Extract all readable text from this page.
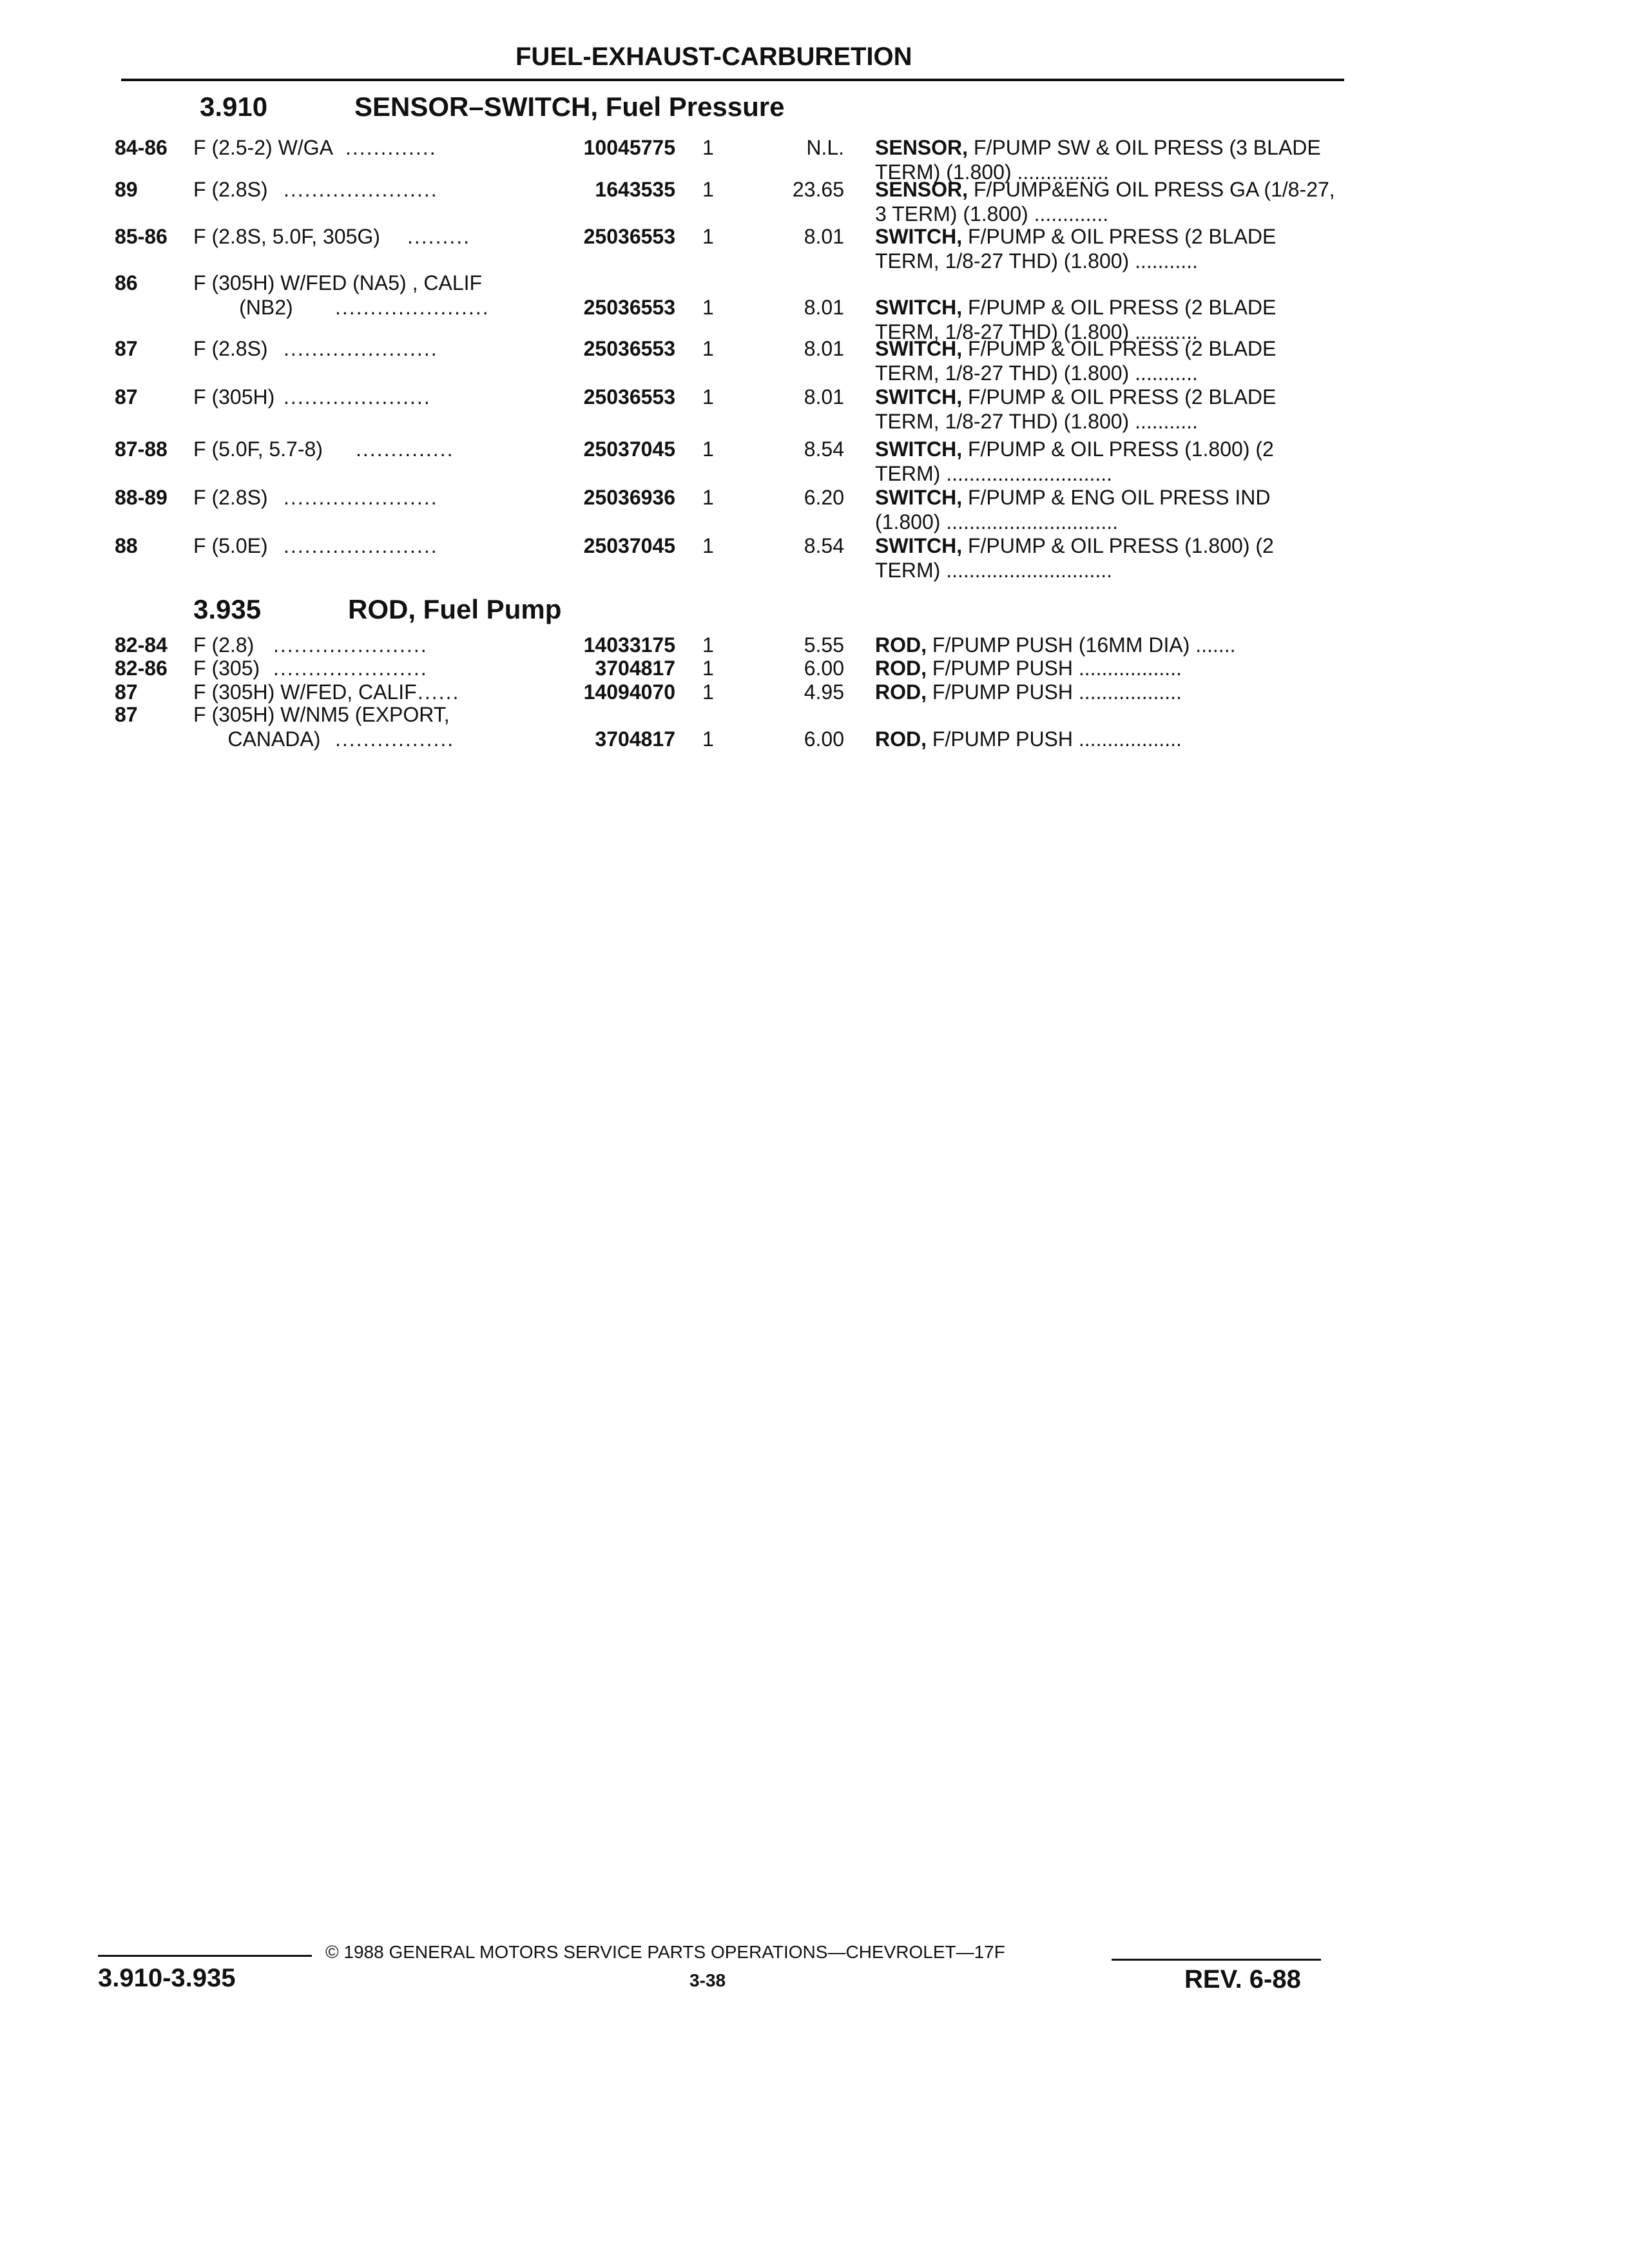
FUEL-EXHAUST-CARBURETION
3.910	SENSOR–SWITCH, Fuel Pressure
84-86 F (2.5-2) W/GA .............	10045775 1	N.L. SENSOR, F/PUMP SW & OIL PRESS (3 BLADE TERM) (1.800) ................
89	F (2.8S) ......................	1643535 1	23.65 SENSOR, F/PUMP&ENG OIL PRESS GA (1/8-27, 3 TERM) (1.800) .............
85-86 F (2.8S, 5.0F, 305G) .........	25036553 1	8.01 SWITCH, F/PUMP & OIL PRESS (2 BLADE TERM, 1/8-27 THD) (1.800) ...........
86	F (305H) W/FED (NA5) , CALIF
(NB2)	......................	25036553 1	8.01 SWITCH, F/PUMP & OIL PRESS (2 BLADE TERM, 1/8-27 THD) (1.800) ...........
87	F (2.8S) ......................	25036553 1	8.01 SWITCH, F/PUMP & OIL PRESS (2 BLADE TERM, 1/8-27 THD) (1.800) ...........
87	F (305H) .....................	25036553 1	8.01 SWITCH, F/PUMP & OIL PRESS (2 BLADE TERM, 1/8-27 THD) (1.800) ...........
87-88 F (5.0F, 5.7-8) ..............	25037045 1	8.54 SWITCH, F/PUMP & OIL PRESS (1.800) (2 TERM) .............................
88-89 F (2.8S) ......................	25036936 1	6.20 SWITCH, F/PUMP & ENG OIL PRESS IND (1.800) ..............................
88	F (5.0E) ......................	25037045 1	8.54 SWITCH, F/PUMP & OIL PRESS (1.800) (2 TERM) .............................
3.935	ROD, Fuel Pump
82-84 F (2.8) ......................	14033175 1	5.55 ROD, F/PUMP PUSH (16MM DIA) .......
82-86 F (305) ......................	3704817 1	6.00 ROD, F/PUMP PUSH ..................
87	F (305H) W/FED, CALIF ......	14094070 1	4.95 ROD, F/PUMP PUSH ..................
87	F (305H) W/NM5 (EXPORT,
CANADA) .................	3704817 1	6.00 ROD, F/PUMP PUSH ..................
© 1988 GENERAL MOTORS SERVICE PARTS OPERATIONS—CHEVROLET—17F
3.910-3.935	3-38	REV. 6-88
